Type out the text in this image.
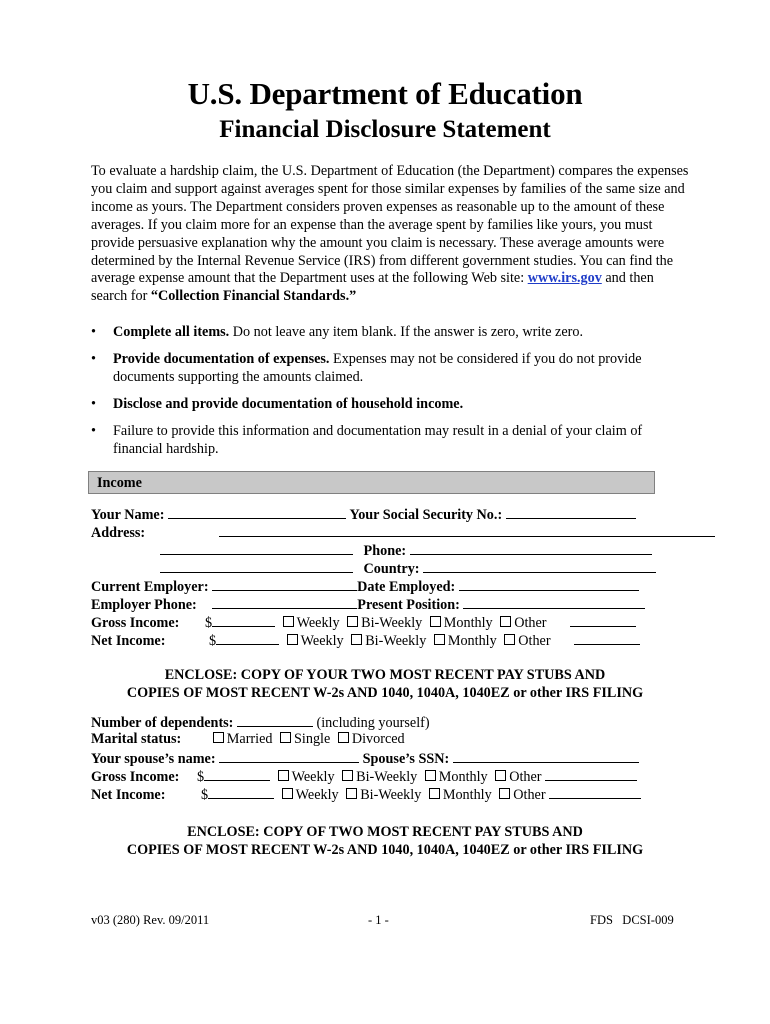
U.S. Department of Education
Financial Disclosure Statement
To evaluate a hardship claim, the U.S. Department of Education (the Department) compares the expenses you claim and support against averages spent for those similar expenses by families of the same size and income as yours. The Department considers proven expenses as reasonable up to the amount of these averages. If you claim more for an expense than the average spent by families like yours, you must provide persuasive explanation why the amount you claim is necessary. These average amounts were determined by the Internal Revenue Service (IRS) from different government studies. You can find the average expense amount that the Department uses at the following Web site: www.irs.gov and then search for “Collection Financial Standards.”
• Complete all items. Do not leave any item blank. If the answer is zero, write zero.
• Provide documentation of expenses. Expenses may not be considered if you do not provide documents supporting the amounts claimed.
• Disclose and provide documentation of household income.
• Failure to provide this information and documentation may result in a denial of your claim of financial hardship.
Income
Your Name:	Your Social Security No.:
Address:
Phone:
Country:
Current Employer:	Date Employed:
Employer Phone:	Present Position:
Gross Income: $	Weekly Bi-Weekly Monthly Other
Net Income:	$	Weekly Bi-Weekly Monthly Other
ENCLOSE: COPY OF YOUR TWO MOST RECENT PAY STUBS AND
COPIES OF MOST RECENT W-2s AND 1040, 1040A, 1040EZ or other IRS FILING
Number of dependents:	(including yourself)
Marital status:	Married Single Divorced
Your spouse’s name:	Spouse’s SSN:
Gross Income: $	Weekly Bi-Weekly Monthly Other
Net Income:	$	Weekly Bi-Weekly Monthly Other
ENCLOSE: COPY OF TWO MOST RECENT PAY STUBS AND
COPIES OF MOST RECENT W-2s AND 1040, 1040A, 1040EZ or other IRS FILING
v03 (280) Rev. 09/2011	- 1 -	FDS   DCSI-009
